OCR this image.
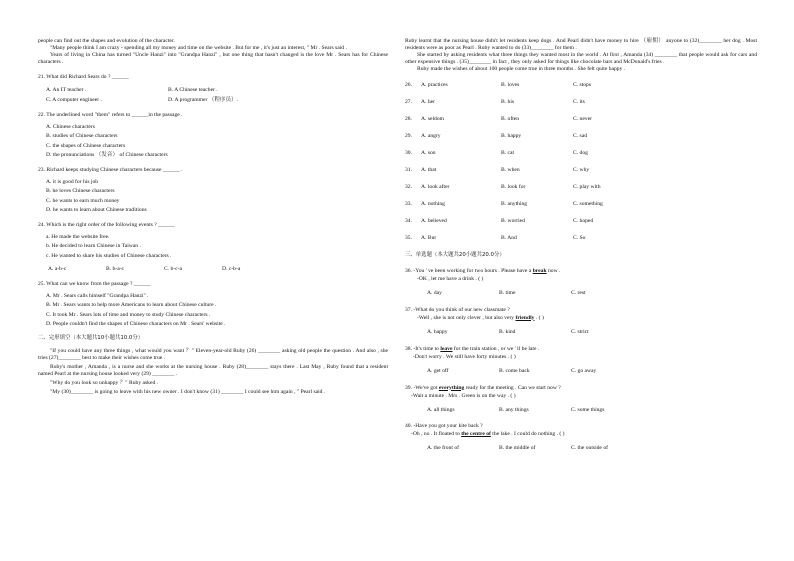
people can find out the shapes and evolution of the character.

"Many people think I am crazy - spending all my money and time on the website . But for me , it's just an interest, " Mr . Sears said .

Years of living in China has turned "Uncle Hanzi" into "Grandpa Hanzi" , but one thing that hasn't changed is the love Mr . Sears has for Chinese characters .

21. What did Richard Sears do ? ______
A. An IT teacher .	B. A Chinese teacher .
C. A computer engineer .	D. A programmer （程序员）.
22. The underlined word "them" refers to ______in the passage .
A. Chinese characters
B. studies of Chinese characters
C. the shapes of Chinese characters
D. the pronunciations （发音） of Chinese characters
23. Richard keeps studying Chinese characters because ______ .
A. it is good for his job
B. he loves Chinese characters
C. he wants to earn much money
D. he wants to learn about Chinese traditions
24. Which is the right order of the following events ? ______
a. He made the website free.
b. He decided to learn Chinese in Taiwan .
c. He wanted to share his studies of Chinese characters .
A. a-b-c	B. b-a-c	C. b-c-a	D. c-b-a
25. What can we know from the passage ? ______
A. Mr . Sears calls himself "Grandpa Hanzi" .
B. Mr . Sears wants to help more Americans to learn about Chinese culture .
C. It took Mr . Sears lots of time and money to study Chinese characters .
D. People couldn't find the shapes of Chinese characters on Mr . Sears' website .
二、完形填空（本大题共10小题共10.0分）

"If you could have any three things , what would you want ？" Eleven-year-old Ruby (26) ________ asking old people the question . And also , she tries (27)________ best to make their wishes come true .

Ruby's mother , Amanda , is a nurse and she works at the nursing house . Ruby (28)________ stays there . Last May , Ruby found that a resident named Pearl at the nursing house looked very (29) ________ .

"Why do you look so unhappy ？" Ruby asked .

"My (30)________ is going to leave with his new owner . I don't know (31) ________ I could see him again , " Pearl said .

Ruby learnt that the nursing house didn't let residents keep dogs . And Pearl didn't have money to hire （雇佣） anyone to (32)________ her dog . Most residents were as poor as Pearl . Ruby wanted to do (33)________ for them .

She started by asking residents what three things they wanted most in the world . At first , Amanda (34) ________ that people would ask for cars and other expensive things . (35)________ in fact , they only asked for things like chocolate bars and McDonald's fries .

Ruby made the wishes of about 100 people come true in three months . She felt quite happy .

26.	A. practices	B. loves	C. stops
27.	A. her	B. his	C. its
28.	A. seldom	B. often	C. never
29.	A. angry	B. happy	C. sad
30.	A. son	B. cat	C. dog
31.	A. that	B. when	C. why
32.	A. look after	B. look for	C. play with
33.	A. nothing	B. anything	C. something
34.	A. believed	B. worried	C. hoped
35.	A. But	B. And	C. So
三、单选题（本大题共20小题共20.0分）
36. -You ' ve been working for two hours . Please have a break now .
-OK , let me have a drink . ( )
A. day	B. time	C. rest
37. -What do you think of our new classmate ?
-Well , she is not only clever , but also very friendly . ( )
A. happy	B. kind	C. strict
38. -It's time to leave for the train station , or we ' ll be late .
-Don't worry . We still have forty minutes . ( )
A. get off	B. come back	C. go away
39. -We've got everything ready for the meeting . Can we start now ?
-Wait a minute . Mrs . Green is on the way . ( )
A. all things	B. any things	C. some things
40. -Have you got your kite back ?
-Oh , no . It floated to the centre of the lake . I could do nothing . ( )
A. the front of	B. the middle of	C. the outside of
